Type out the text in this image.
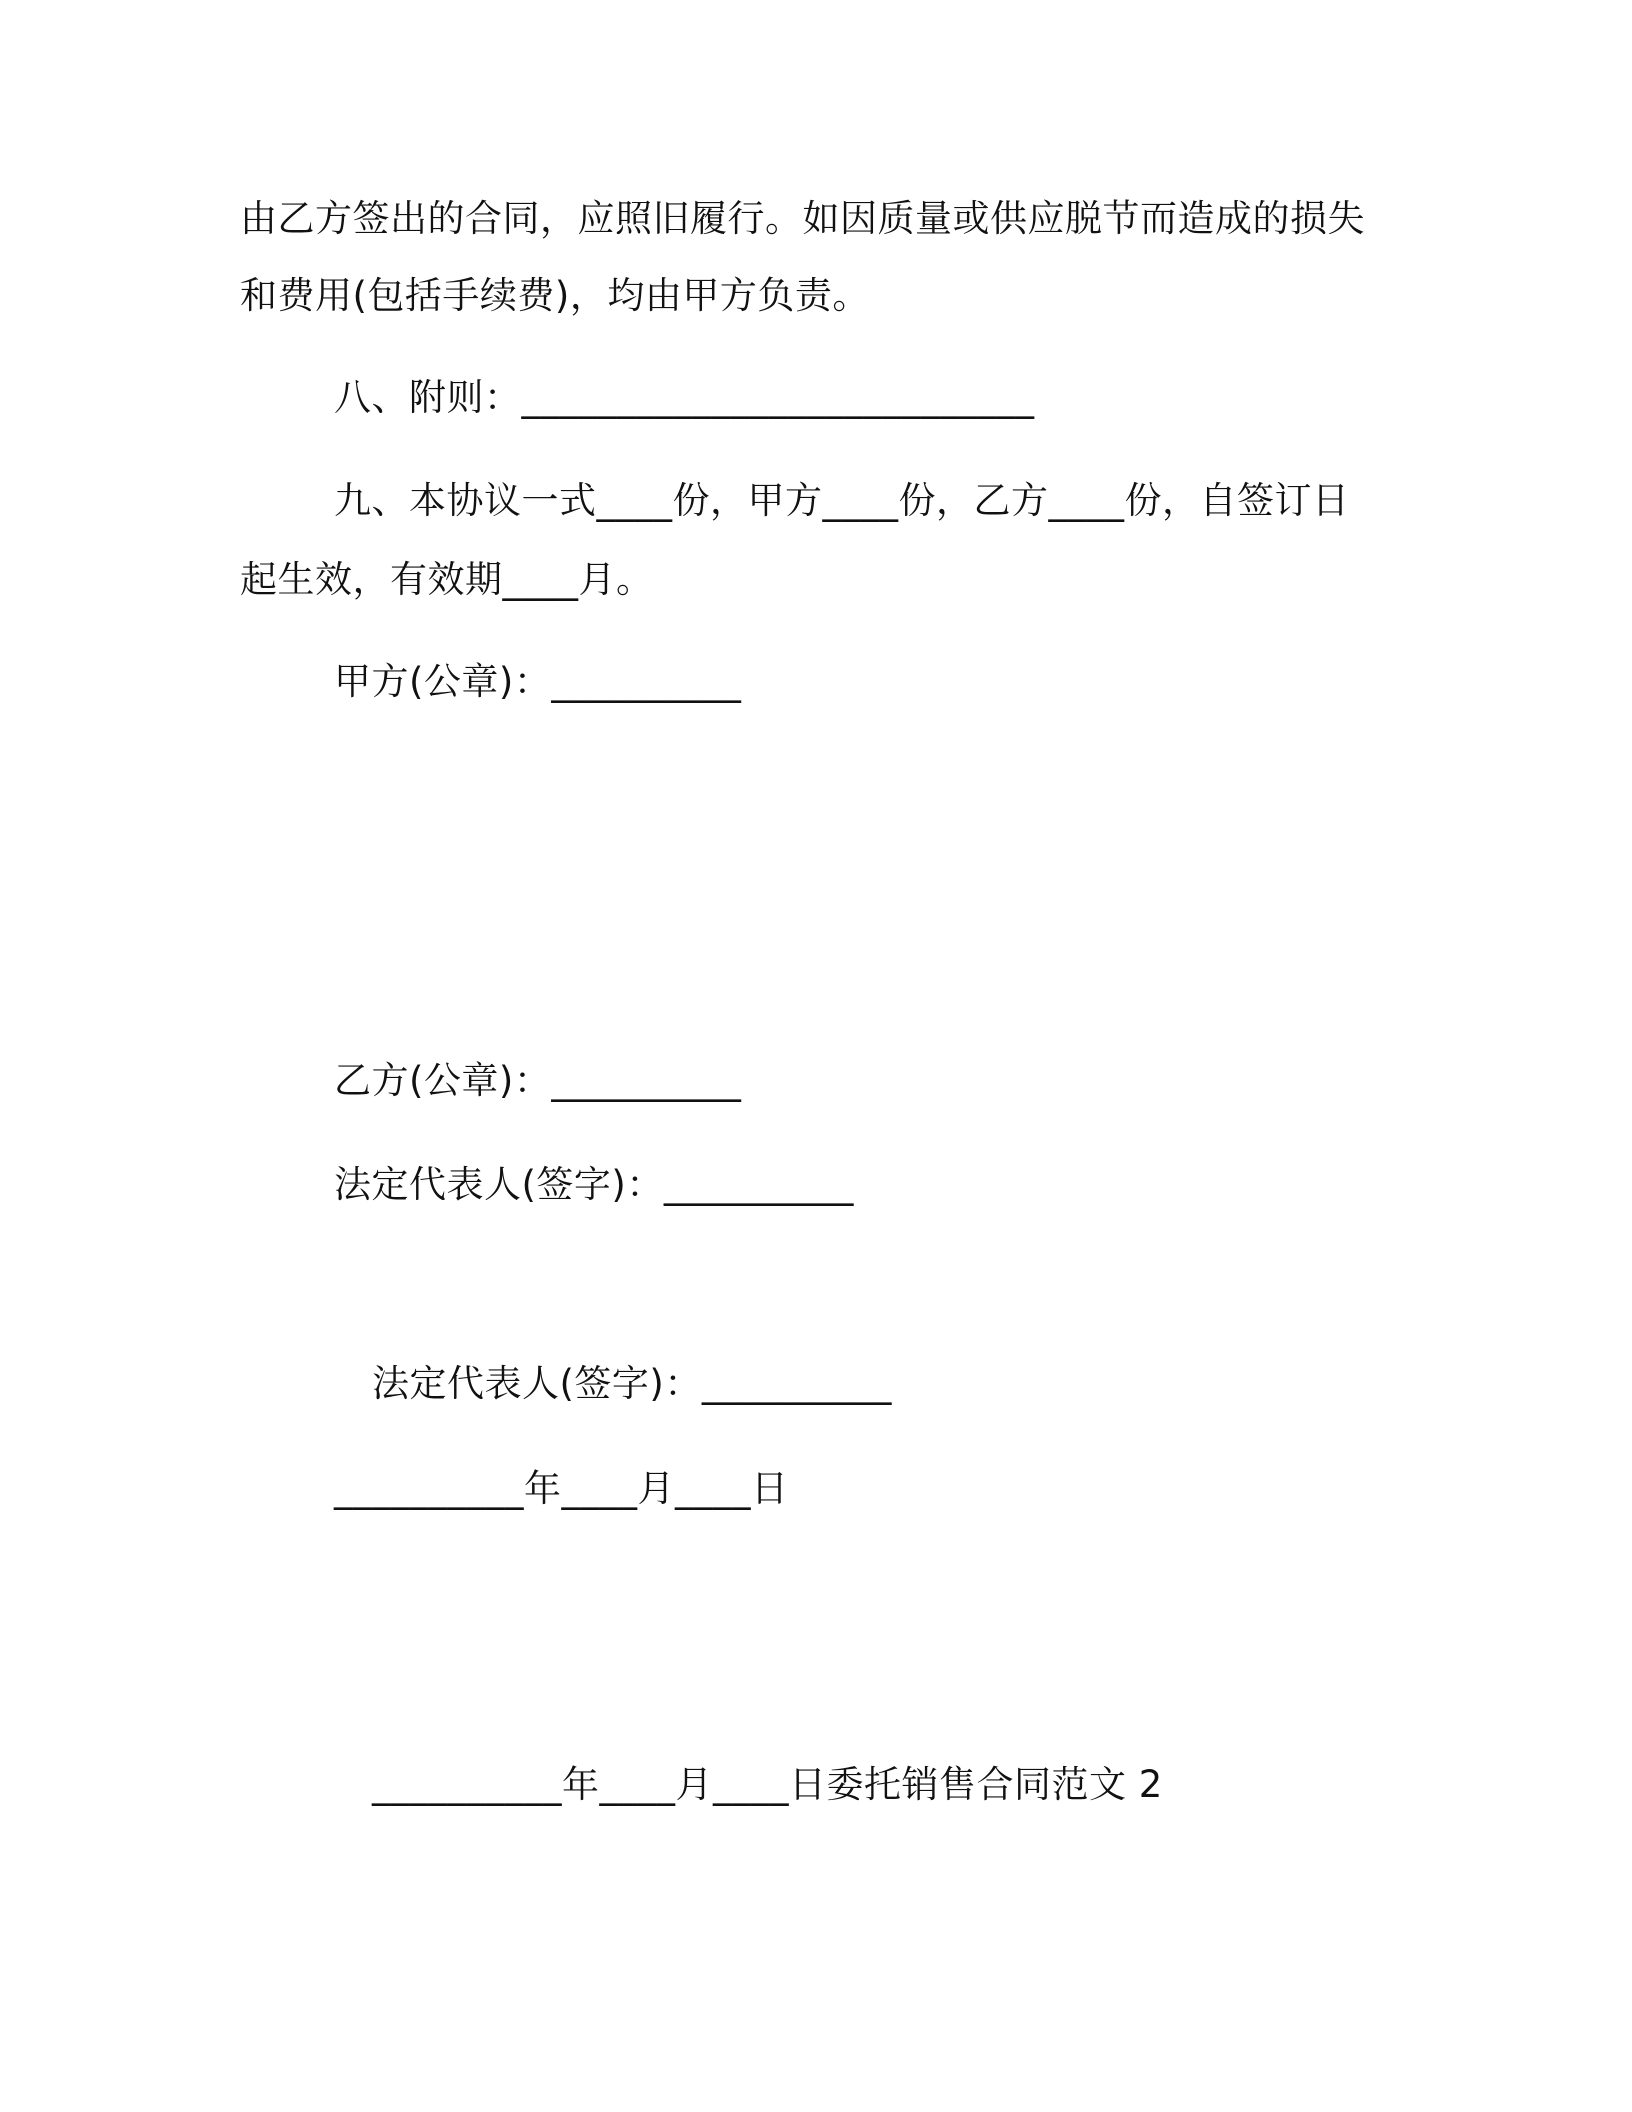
由乙方签出的合同，应照旧履行。如因质量或供应脱节而造成的损失
和费用(包括手续费)，均由甲方负责。
八、附则：___________________________
九、本协议一式____份，甲方____份，乙方____份，自签订日
起生效，有效期____月。
甲方(公章)：__________
乙方(公章)：__________
法定代表人(签字)：__________
法定代表人(签字)：__________
__________年____月____日
__________年____月____日委托销售合同范文 2
